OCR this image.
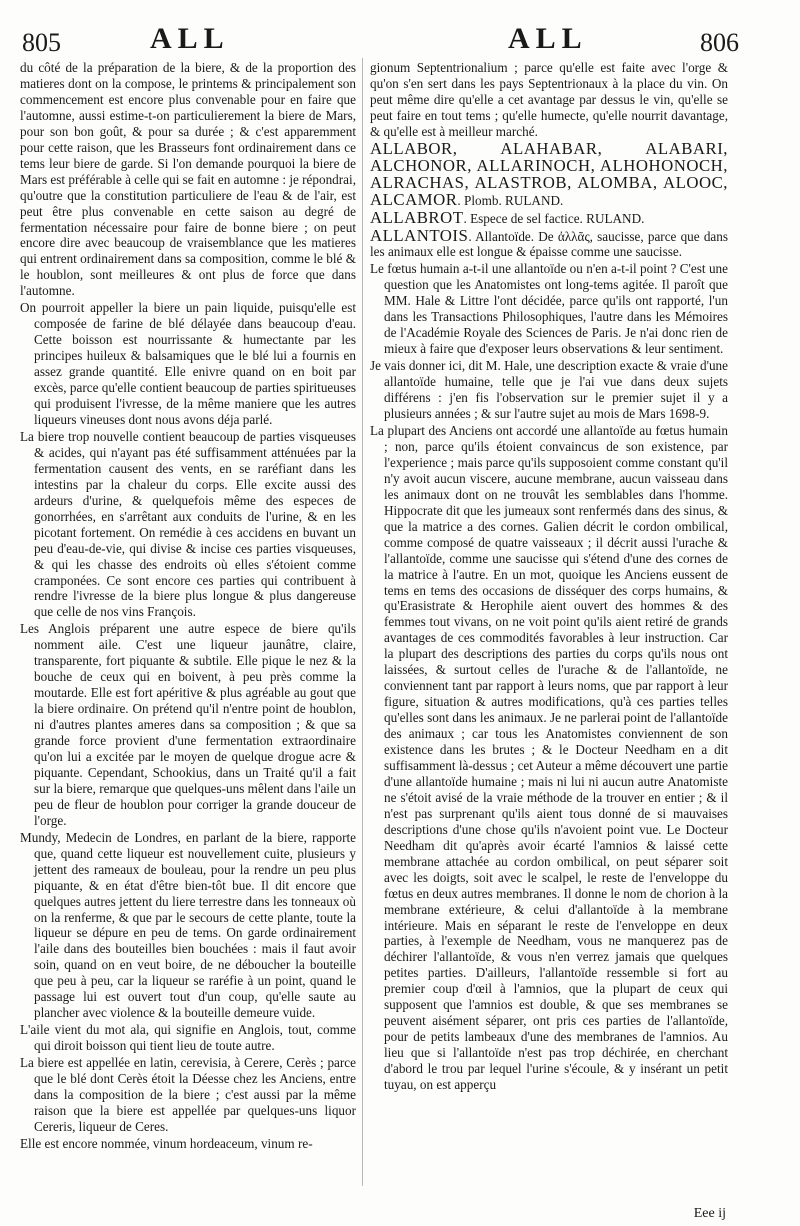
805	ALL	ALL	806

du côté de la préparation de la biere, & de la proportion des matieres dont on la compose, le printems & principalement son commencement est encore plus convenable pour en faire que l'automne, aussi estime-t-on particulierement la biere de Mars, pour son bon goût, & pour sa durée ; & c'est apparemment pour cette raison, que les Brasseurs font ordinairement dans ce tems leur biere de garde. Si l'on demande pourquoi la biere de Mars est préférable à celle qui se fait en automne : je répondrai, qu'outre que la constitution particuliere de l'eau & de l'air, est peut être plus convenable en cette saison au degré de fermentation nécessaire pour faire de bonne biere ; on peut encore dire avec beaucoup de vraisemblance que les matieres qui entrent ordinairement dans sa composition, comme le blé & le houblon, sont meilleures & ont plus de force que dans l'automne.

On pourroit appeller la biere un pain liquide, puisqu'elle est composée de farine de blé délayée dans beaucoup d'eau. Cette boisson est nourrissante & humectante par les principes huileux & balsamiques que le blé lui a fournis en assez grande quantité. Elle enivre quand on en boit par excès, parce qu'elle contient beaucoup de parties spiritueuses qui produisent l'ivresse, de la même maniere que les autres liqueurs vineuses dont nous avons déja parlé.

La biere trop nouvelle contient beaucoup de parties visqueuses & acides, qui n'ayant pas été suffisamment atténuées par la fermentation causent des vents, en se raréfiant dans les intestins par la chaleur du corps. Elle excite aussi des ardeurs d'urine, & quelquefois même des especes de gonorrhées, en s'arrêtant aux conduits de l'urine, & en les picotant fortement. On remédie à ces accidens en buvant un peu d'eau-de-vie, qui divise & incise ces parties visqueuses, & qui les chasse des endroits où elles s'étoient comme cramponées. Ce sont encore ces parties qui contribuent à rendre l'ivresse de la biere plus longue & plus dangereuse que celle de nos vins François.

Les Anglois préparent une autre espece de biere qu'ils nomment aile. C'est une liqueur jaunâtre, claire, transparente, fort piquante & subtile. Elle pique le nez & la bouche de ceux qui en boivent, à peu près comme la moutarde. Elle est fort apéritive & plus agréable au gout que la biere ordinaire. On prétend qu'il n'entre point de houblon, ni d'autres plantes ameres dans sa composition ; & que sa grande force provient d'une fermentation extraordinaire qu'on lui a excitée par le moyen de quelque drogue acre & piquante. Cependant, Schookius, dans un Traité qu'il a fait sur la biere, remarque que quelques-uns mêlent dans l'aile un peu de fleur de houblon pour corriger la grande douceur de l'orge.

Mundy, Medecin de Londres, en parlant de la biere, rapporte que, quand cette liqueur est nouvellement cuite, plusieurs y jettent des rameaux de bouleau, pour la rendre un peu plus piquante, & en état d'être bien-tôt bue. Il dit encore que quelques autres jettent du liere terrestre dans les tonneaux où on la renferme, & que par le secours de cette plante, toute la liqueur se dépure en peu de tems. On garde ordinairement l'aile dans des bouteilles bien bouchées : mais il faut avoir soin, quand on en veut boire, de ne déboucher la bouteille que peu à peu, car la liqueur se raréfie à un point, quand le passage lui est ouvert tout d'un coup, qu'elle saute au plancher avec violence & la bouteille demeure vuide.

L'aile vient du mot ala, qui signifie en Anglois, tout, comme qui diroit boisson qui tient lieu de toute autre.

La biere est appellée en latin, cerevisia, à Cerere, Cerès ; parce que le blé dont Cerès étoit la Déesse chez les Anciens, entre dans la composition de la biere ; c'est aussi par la même raison que la biere est appellée par quelques-uns liquor Cereris, liqueur de Ceres.

Elle est encore nommée, vinum hordeaceum, vinum re-

gionum Septentrionalium ; parce qu'elle est faite avec l'orge & qu'on s'en sert dans les pays Septentrionaux à la place du vin. On peut même dire qu'elle a cet avantage par dessus le vin, qu'elle se peut faire en tout tems ; qu'elle humecte, qu'elle nourrit davantage, & qu'elle est à meilleur marché.

ALLABOR, ALAHABAR, ALABARI, ALCHONOR, ALLARINOCH, ALHOHONOCH, ALRACHAS, ALASTROB, ALOMBA, ALOOC, ALCAMOR. Plomb. RULAND.

ALLABROT. Espece de sel factice. RULAND.

ALLANTOIS. Allantoïde. De ἀλλᾶς, saucisse, parce que dans les animaux elle est longue & épaisse comme une saucisse.

Le fœtus humain a-t-il une allantoïde ou n'en a-t-il point ? C'est une question que les Anatomistes ont long-tems agitée. Il paroît que MM. Hale & Littre l'ont décidée, parce qu'ils ont rapporté, l'un dans les Transactions Philosophiques, l'autre dans les Mémoires de l'Académie Royale des Sciences de Paris. Je n'ai donc rien de mieux à faire que d'exposer leurs observations & leur sentiment.

Je vais donner ici, dit M. Hale, une description exacte & vraie d'une allantoïde humaine, telle que je l'ai vue dans deux sujets différens : j'en fis l'observation sur le premier sujet il y a plusieurs années ; & sur l'autre sujet au mois de Mars 1698-9.

La plupart des Anciens ont accordé une allantoïde au fœtus humain ; non, parce qu'ils étoient convaincus de son existence, par l'experience ; mais parce qu'ils supposoient comme constant qu'il n'y avoit aucun viscere, aucune membrane, aucun vaisseau dans les animaux dont on ne trouvât les semblables dans l'homme. Hippocrate dit que les jumeaux sont renfermés dans des sinus, & que la matrice a des cornes. Galien décrit le cordon ombilical, comme composé de quatre vaisseaux ; il décrit aussi l'urache & l'allantoïde, comme une saucisse qui s'étend d'une des cornes de la matrice à l'autre. En un mot, quoique les Anciens eussent de tems en tems des occasions de disséquer des corps humains, & qu'Erasistrate & Herophile aient ouvert des hommes & des femmes tout vivans, on ne voit point qu'ils aient retiré de grands avantages de ces commodités favorables à leur instruction. Car la plupart des descriptions des parties du corps qu'ils nous ont laissées, & surtout celles de l'urache & de l'allantoïde, ne conviennent tant par rapport à leurs noms, que par rapport à leur figure, situation & autres modifications, qu'à ces parties telles qu'elles sont dans les animaux. Je ne parlerai point de l'allantoïde des animaux ; car tous les Anatomistes conviennent de son existence dans les brutes ; & le Docteur Needham en a dit suffisamment là-dessus ; cet Auteur a même découvert une partie d'une allantoïde humaine ; mais ni lui ni aucun autre Anatomiste ne s'étoit avisé de la vraie méthode de la trouver en entier ; & il n'est pas surprenant qu'ils aient tous donné de si mauvaises descriptions d'une chose qu'ils n'avoient point vue. Le Docteur Needham dit qu'après avoir écarté l'amnios & laissé cette membrane attachée au cordon ombilical, on peut séparer soit avec les doigts, soit avec le scalpel, le reste de l'enveloppe du fœtus en deux autres membranes. Il donne le nom de chorion à la membrane extérieure, & celui d'allantoïde à la membrane intérieure. Mais en séparant le reste de l'enveloppe en deux parties, à l'exemple de Needham, vous ne manquerez pas de déchirer l'allantoïde, & vous n'en verrez jamais que quelques petites parties. D'ailleurs, l'allantoïde ressemble si fort au premier coup d'œil à l'amnios, que la plupart de ceux qui supposent que l'amnios est double, & que ses membranes se peuvent aisément séparer, ont pris ces parties de l'allantoïde, pour de petits lambeaux d'une des membranes de l'amnios. Au lieu que si l'allantoïde n'est pas trop déchirée, en cherchant d'abord le trou par lequel l'urine s'écoule, & y insérant un petit tuyau, on est apperçu

Eee ij
